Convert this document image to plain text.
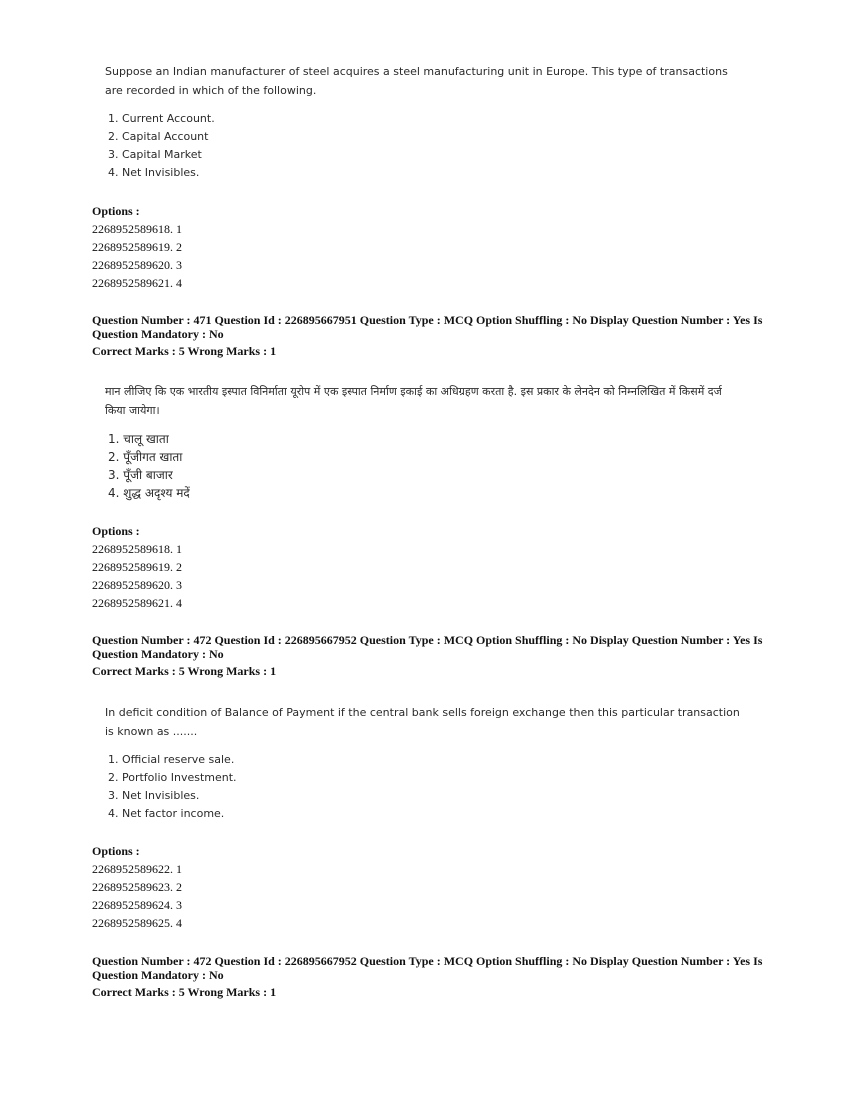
Suppose an Indian manufacturer of steel acquires a steel manufacturing unit in Europe. This type of transactions are recorded in which of the following.

1. Current Account.
2. Capital Account
3. Capital Market
4. Net Invisibles.
Options :
2268952589618. 1
2268952589619. 2
2268952589620. 3
2268952589621. 4
Question Number : 471 Question Id : 226895667951 Question Type : MCQ Option Shuffling : No Display Question Number : Yes Is
Question Mandatory : No
Correct Marks : 5 Wrong Marks : 1

मान लीजिए कि एक भारतीय इस्पात विनिर्माता यूरोप में एक इस्पात निर्माण इकाई का अधिग्रहण करता है. इस प्रकार के लेनदेन को निम्नलिखित में किसमें दर्ज किया जायेगा।

1. चालू खाता
2. पूँजीगत खाता
3. पूँजी बाजार
4. शुद्ध अदृश्य मदें
Options :
2268952589618. 1
2268952589619. 2
2268952589620. 3
2268952589621. 4
Question Number : 472 Question Id : 226895667952 Question Type : MCQ Option Shuffling : No Display Question Number : Yes Is
Question Mandatory : No
Correct Marks : 5 Wrong Marks : 1

In deficit condition of Balance of Payment if the central bank sells foreign exchange then this particular transaction is known as .......

1. Official reserve sale.
2. Portfolio Investment.
3. Net Invisibles.
4. Net factor income.
Options :
2268952589622. 1
2268952589623. 2
2268952589624. 3
2268952589625. 4
Question Number : 472 Question Id : 226895667952 Question Type : MCQ Option Shuffling : No Display Question Number : Yes Is
Question Mandatory : No
Correct Marks : 5 Wrong Marks : 1
